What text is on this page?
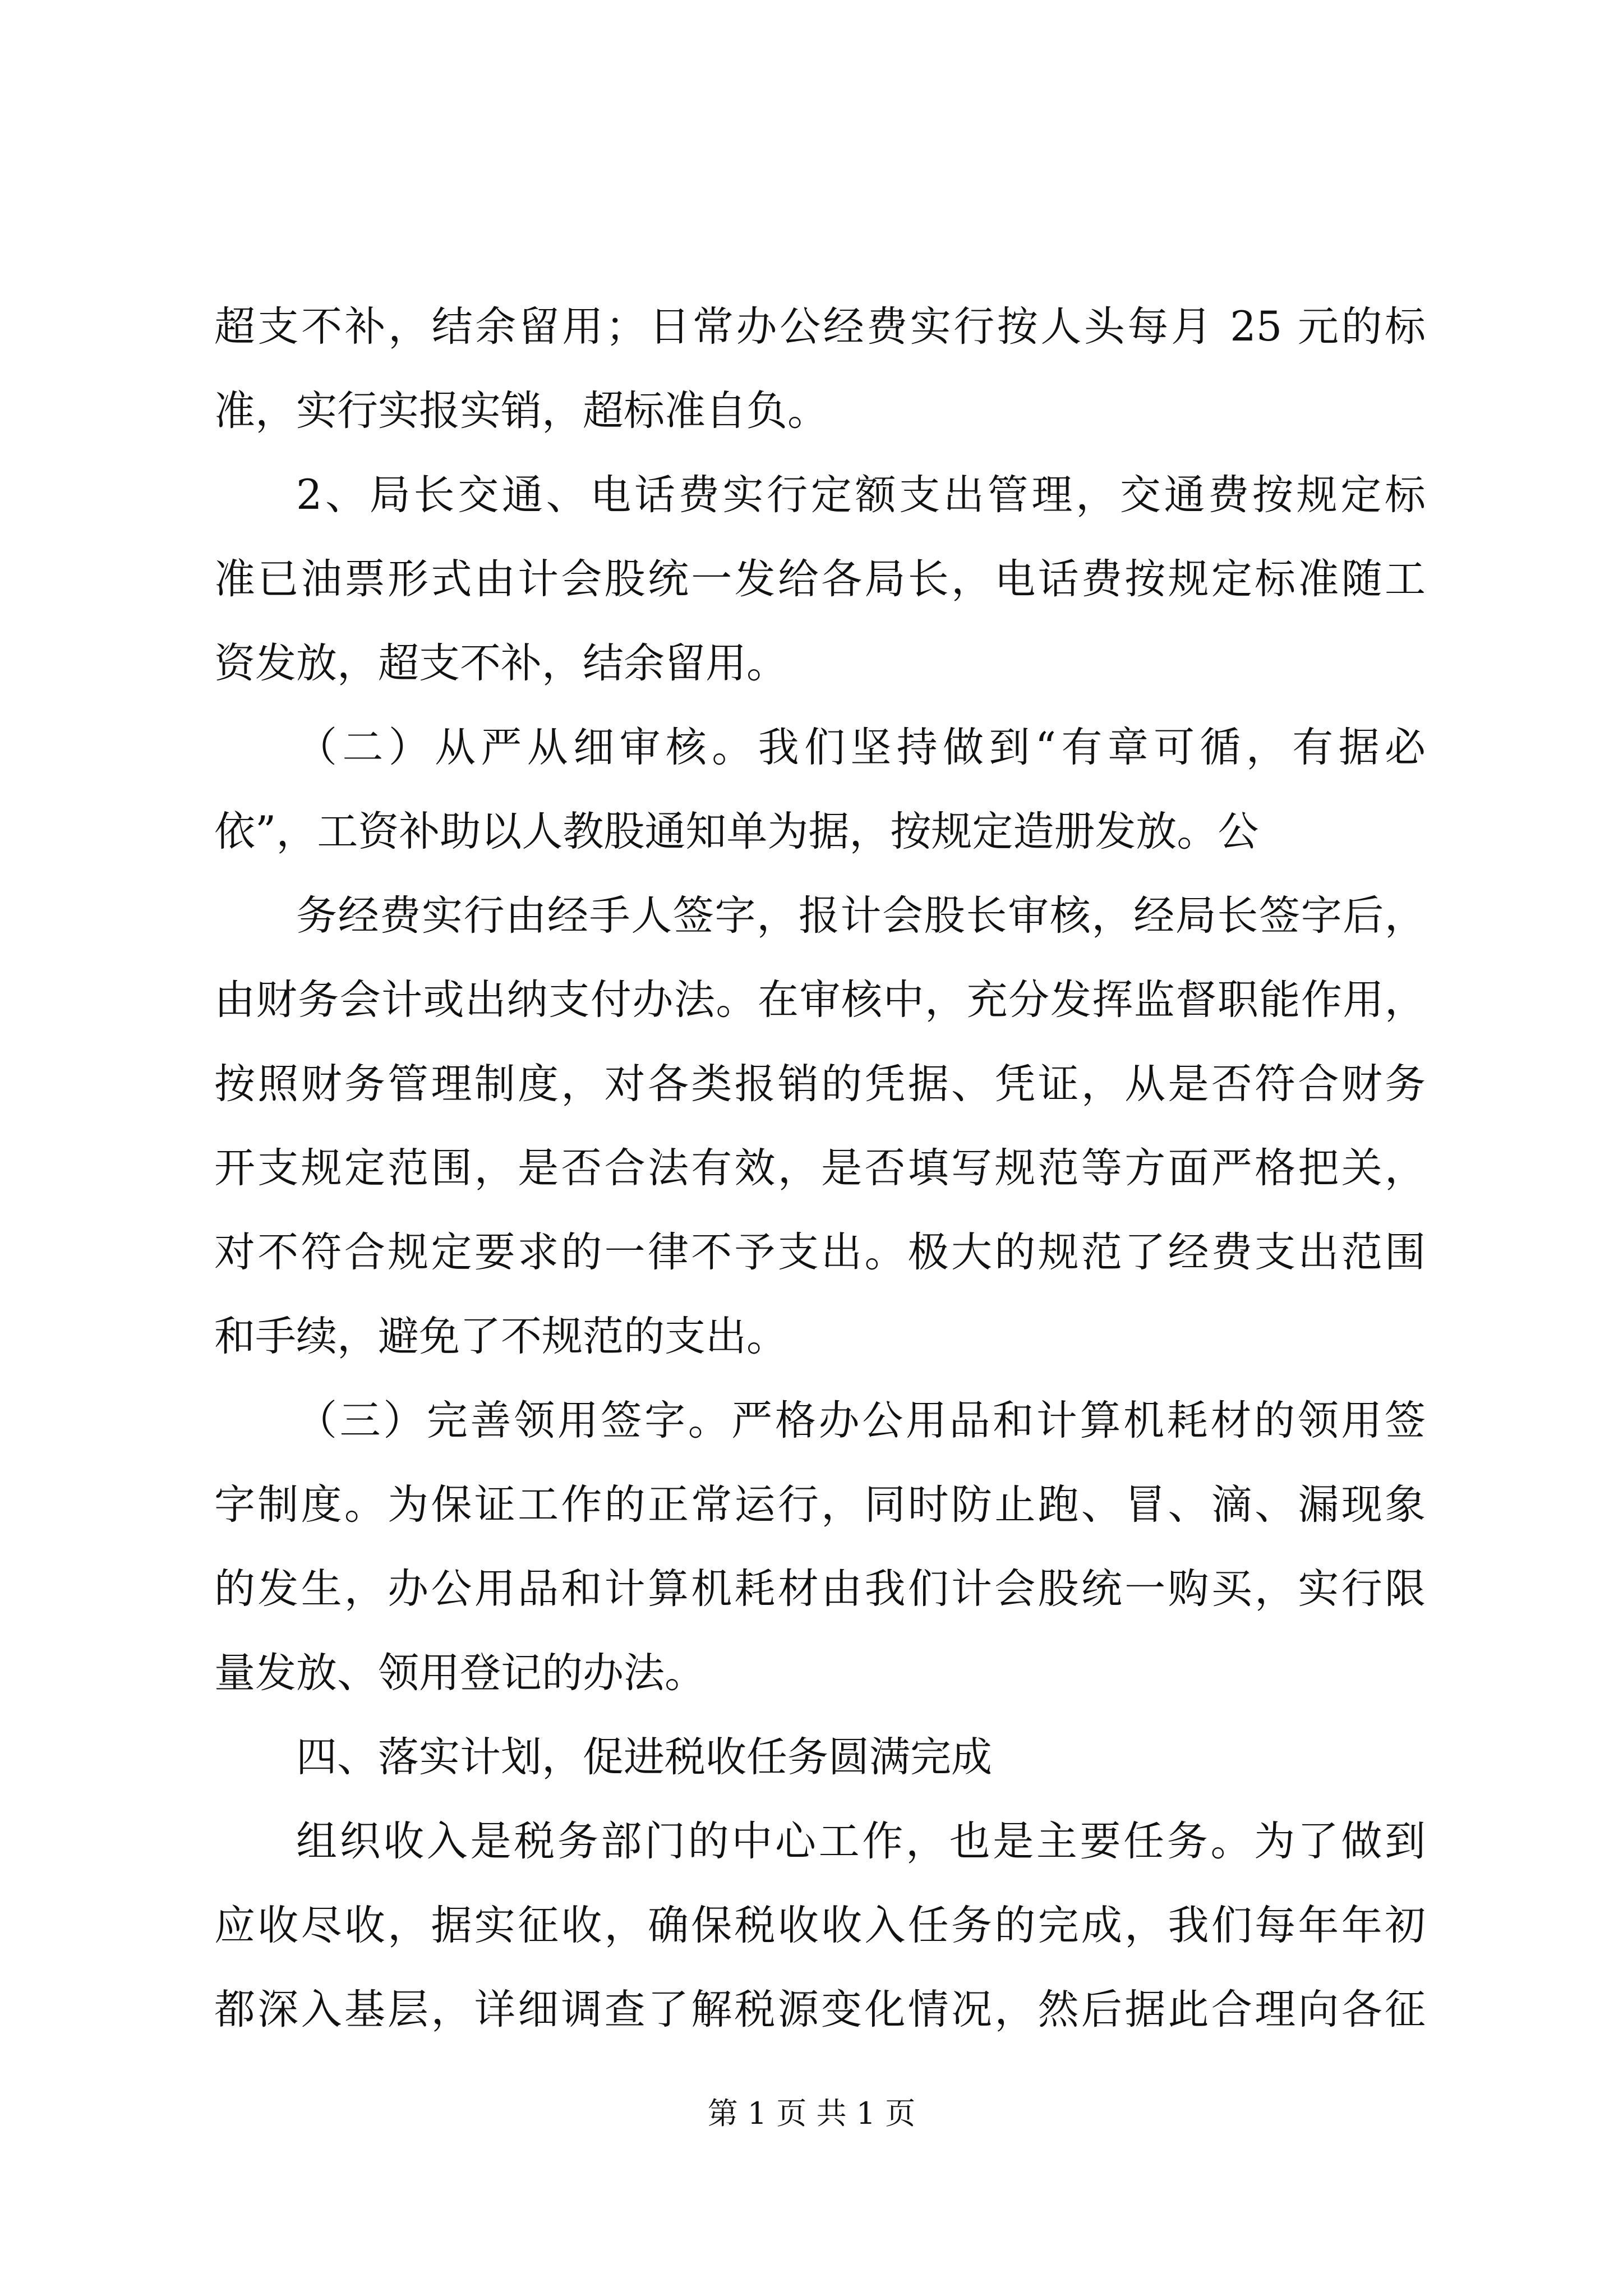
超支不补，结余留用；日常办公经费实行按人头每月 25 元的标
准，实行实报实销，超标准自负。
2、局长交通、电话费实行定额支出管理，交通费按规定标
准已油票形式由计会股统一发给各局长，电话费按规定标准随工
资发放，超支不补，结余留用。
（二）从严从细审核。我们坚持做到“有章可循，有据必
依”，工资补助以人教股通知单为据，按规定造册发放。公
务经费实行由经手人签字，报计会股长审核，经局长签字后，
由财务会计或出纳支付办法。在审核中，充分发挥监督职能作用，
按照财务管理制度，对各类报销的凭据、凭证，从是否符合财务
开支规定范围，是否合法有效，是否填写规范等方面严格把关，
对不符合规定要求的一律不予支出。极大的规范了经费支出范围
和手续，避免了不规范的支出。
（三）完善领用签字。严格办公用品和计算机耗材的领用签
字制度。为保证工作的正常运行，同时防止跑、冒、滴、漏现象
的发生，办公用品和计算机耗材由我们计会股统一购买，实行限
量发放、领用登记的办法。
四、落实计划，促进税收任务圆满完成
组织收入是税务部门的中心工作，也是主要任务。为了做到
应收尽收，据实征收，确保税收收入任务的完成，我们每年年初
都深入基层，详细调查了解税源变化情况，然后据此合理向各征
第 1 页 共 1 页
